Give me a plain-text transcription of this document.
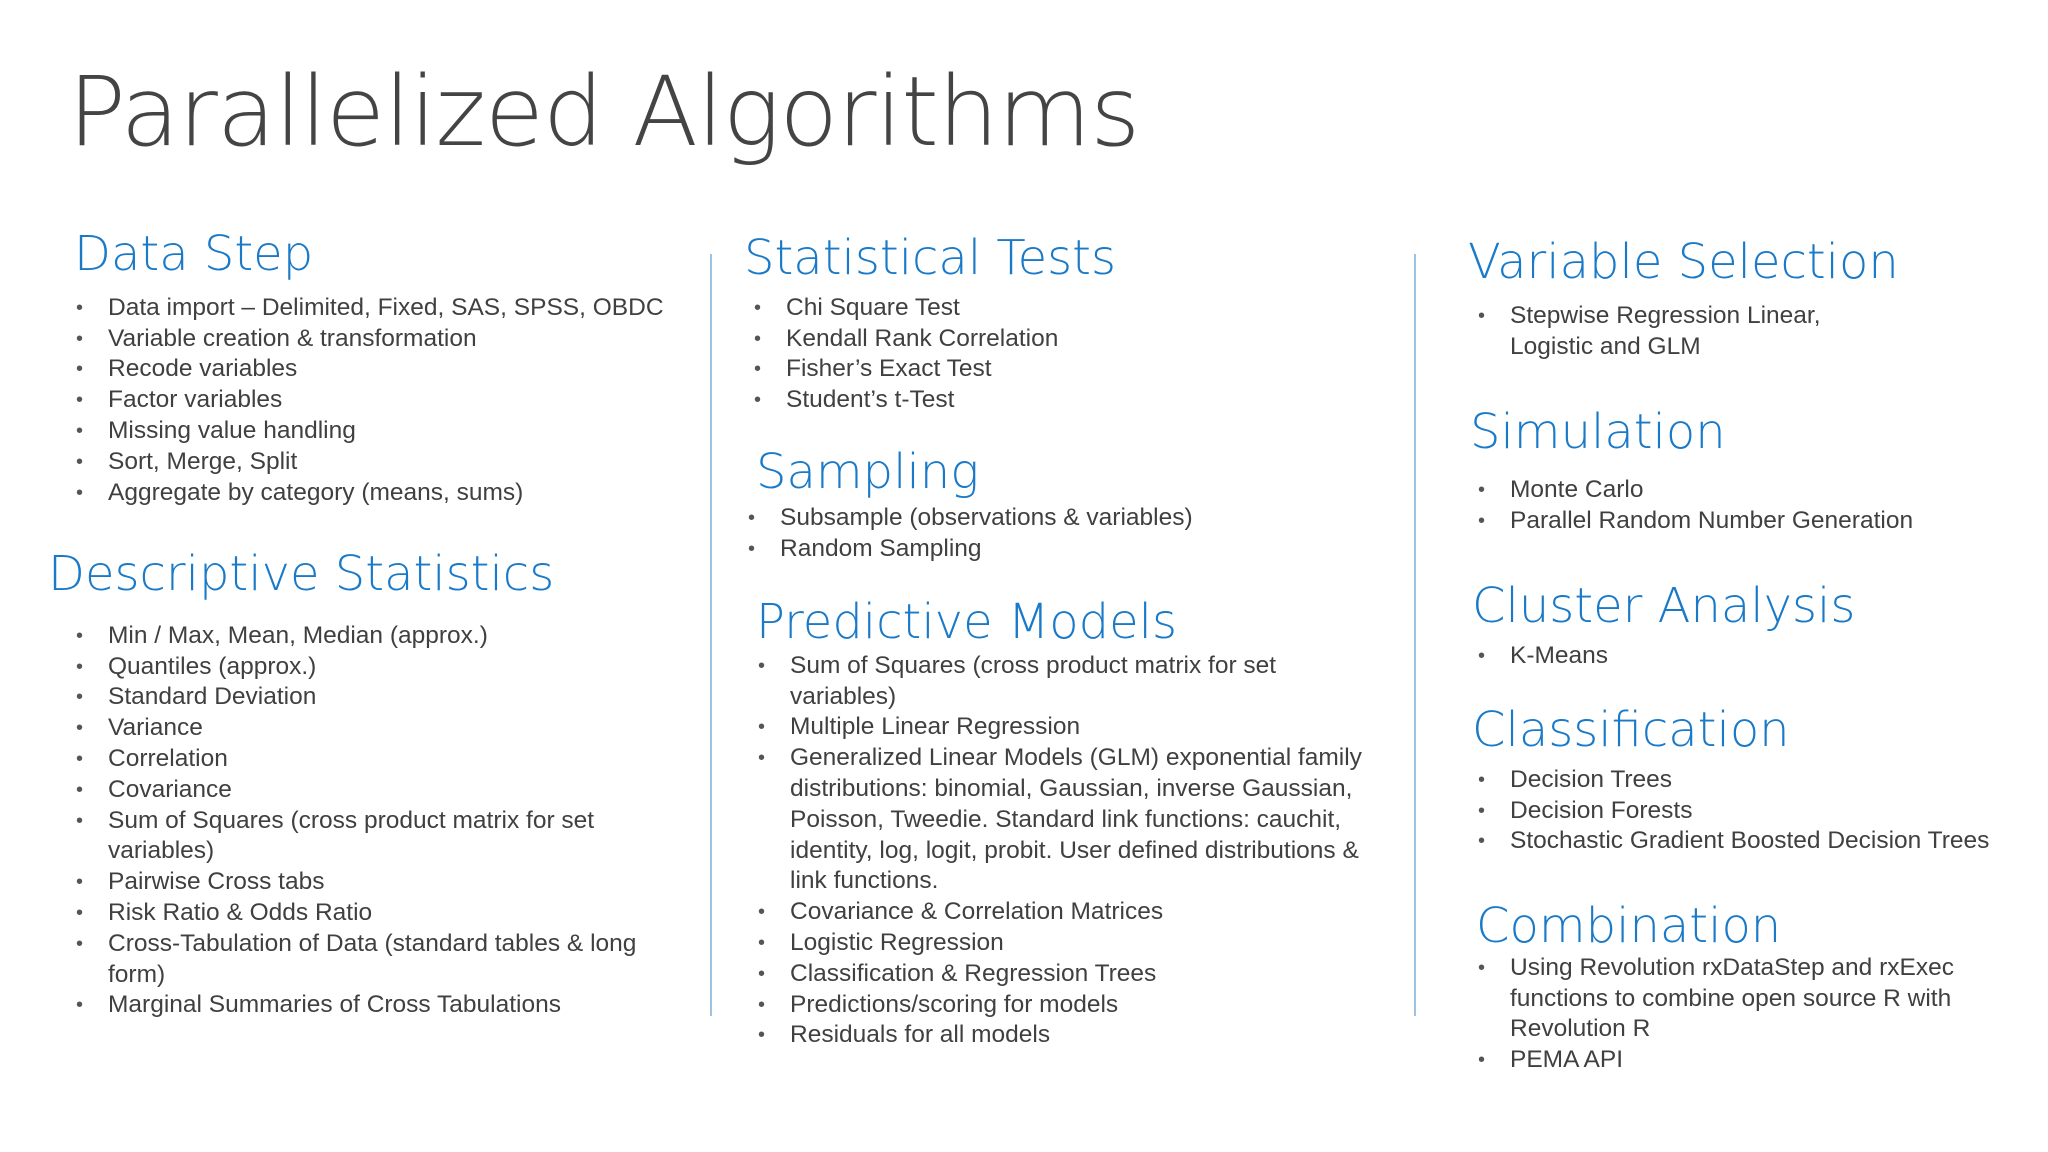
Parallelized Algorithms
Data Step
• Data import – Delimited, Fixed, SAS, SPSS, OBDC
• Variable creation & transformation
• Recode variables
• Factor variables
• Missing value handling
• Sort, Merge, Split
• Aggregate by category (means, sums)
Descriptive Statistics
• Min / Max, Mean, Median (approx.)
• Quantiles (approx.)
• Standard Deviation
• Variance
• Correlation
• Covariance
• Sum of Squares (cross product matrix for set variables)
• Pairwise Cross tabs
• Risk Ratio & Odds Ratio
• Cross-Tabulation of Data (standard tables & long form)
• Marginal Summaries of Cross Tabulations
Statistical Tests
• Chi Square Test
• Kendall Rank Correlation
• Fisher’s Exact Test
• Student’s t-Test
Sampling
• Subsample (observations & variables)
• Random Sampling
Predictive Models
• Sum of Squares (cross product matrix for set variables)
• Multiple Linear Regression
• Generalized Linear Models (GLM) exponential family distributions: binomial, Gaussian, inverse Gaussian, Poisson, Tweedie. Standard link functions: cauchit, identity, log, logit, probit. User defined distributions & link functions.
• Covariance & Correlation Matrices
• Logistic Regression
• Classification & Regression Trees
• Predictions/scoring for models
• Residuals for all models
Variable Selection
• Stepwise Regression Linear, Logistic and GLM
Simulation
• Monte Carlo
• Parallel Random Number Generation
Cluster Analysis
• K-Means
Classification
• Decision Trees
• Decision Forests
• Stochastic Gradient Boosted Decision Trees
Combination
• Using Revolution rxDataStep and rxExec functions to combine open source R with Revolution R
• PEMA API
